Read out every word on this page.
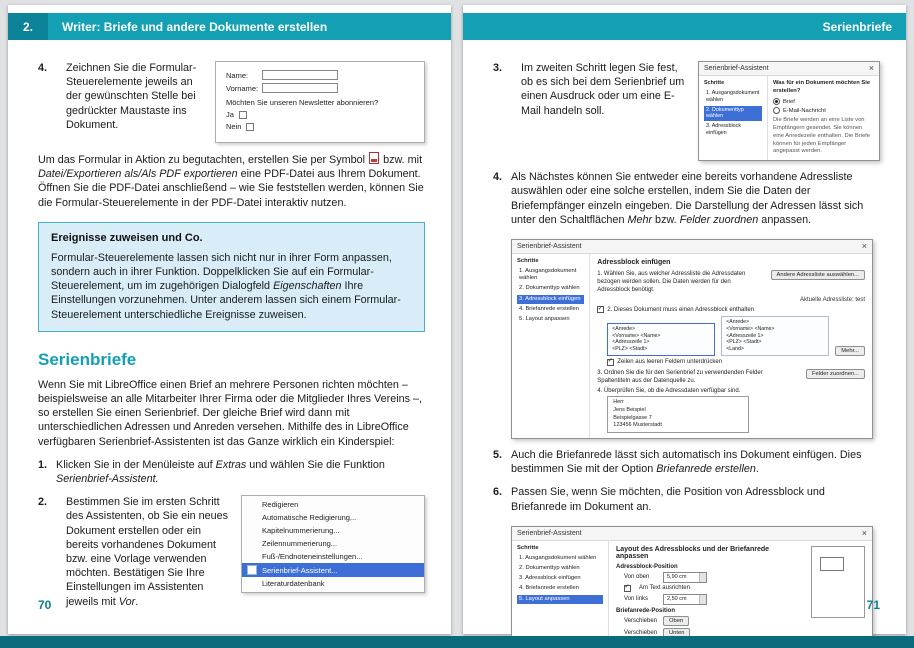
2. Writer: Briefe und andere Dokumente erstellen
4.	Zeichnen Sie die Formular-Steuerelemente jeweils an der gewünschten Stelle bei gedrückter Maustaste ins Dokument.
Name:
Vorname:
Möchten Sie unseren Newsletter abonnieren?
Ja
Nein

Um das Formular in Aktion zu begutachten, erstellen Sie per Symbol  bzw. mit Datei/Exportieren als/Als PDF exportieren eine PDF-Datei aus Ihrem Dokument. Öffnen Sie die PDF-Datei anschließend – wie Sie feststellen werden, können Sie die Formular-Steuerelemente in der PDF-Datei interaktiv nutzen.

Ereignisse zuweisen und Co.
Formular-Steuerelemente lassen sich nicht nur in ihrer Form anpassen, sondern auch in ihrer Funktion. Doppelklicken Sie auf ein Formular-Steuerelement, um im zugehörigen Dialogfeld Eigenschaften Ihre Einstellungen vorzunehmen. Unter anderem lassen sich einem Formular-Steuerelement unterschiedliche Ereignisse zuweisen.
Serienbriefe

Wenn Sie mit LibreOffice einen Brief an mehrere Personen richten möchten – beispielsweise an alle Mitarbeiter Ihrer Firma oder die Mitglieder Ihres Vereins –, so erstellen Sie einen Serienbrief. Der gleiche Brief wird dann mit unterschiedlichen Adressen und Anreden versehen. Mithilfe des in LibreOffice verfügbaren Serienbrief-Assistenten ist das Ganze wirklich ein Kinderspiel:

1. Klicken Sie in der Menüleiste auf Extras und wählen Sie die Funktion Serienbrief-Assistent.
2.	Bestimmen Sie im ersten Schritt des Assistenten, ob Sie ein neues Dokument erstellen oder ein bereits vorhandenes Dokument bzw. eine Vorlage verwenden möchten. Bestätigen Sie Ihre Einstellungen im Assistenten jeweils mit Vor.
Redigieren
Automatische Redigierung...
Kapitelnummerierung...
Zeilennummerierung...
Fuß-/Endnoteneinstellungen...
Serienbrief-Assistent...
Literaturdatenbank
70
Serienbriefe
3.	Im zweiten Schritt legen Sie fest, ob es sich bei dem Serienbrief um einen Ausdruck oder um eine E-Mail handeln soll.
Serienbrief-Assistent	×
Schritte
1. Ausgangsdokument wählen
2. Dokumenttyp wählen
3. Adressblock einfügen
Was für ein Dokument möchten Sie erstellen?
Brief
E-Mail-Nachricht
Die Briefe werden an eine Liste von Empfängern gesendet. Sie können eine Anredezeile enthalten. Die Briefe können für jeden Empfänger angepasst werden.
4. Als Nächstes können Sie entweder eine bereits vorhandene Adressliste auswählen oder eine solche erstellen, indem Sie die Daten der Briefempfänger einzeln eingeben. Die Darstellung der Adressen lässt sich unter den Schaltflächen Mehr bzw. Felder zuordnen anpassen.
Serienbrief-Assistent	×
Schritte
1. Ausgangsdokument wählen
2. Dokumenttyp wählen
3. Adressblock einfügen
4. Briefanrede erstellen
5. Layout anpassen
Adressblock einfügen
1. Wählen Sie, aus welcher Adressliste die Adressdaten bezogen werden sollen. Die Daten werden für den Adressblock benötigt.
Andere Adressliste auswählen...
Aktuelle Adressliste: test
✓
2. Dieses Dokument muss einen Adressblock enthalten
<Anrede>
<Vorname> <Name>
<Adresszeile 1>
<PLZ> <Stadt>
<Anrede>
<Vorname> <Name>
<Adresszeile 1>
<PLZ> <Stadt>
<Land>	Mehr...
✓
Zeilen aus leeren Feldern unterdrücken
3. Ordnen Sie die für den Serienbrief zu verwendenden Felder Spaltentiteln aus der Datenquelle zu.
Felder zuordnen...
4. Überprüfen Sie, ob die Adressdaten verfügbar sind.
Herr
Jens Beispiel
Beispielgasse 7
123456 Musterstadt
5. Auch die Briefanrede lässt sich automatisch ins Dokument einfügen. Dies bestimmen Sie mit der Option Briefanrede erstellen.
6. Passen Sie, wenn Sie möchten, die Position von Adressblock und Briefanrede im Dokument an.
Serienbrief-Assistent	×
Schritte
1. Ausgangsdokument wählen
2. Dokumenttyp wählen
3. Adressblock einfügen
4. Briefanrede erstellen
5. Layout anpassen
Layout des Adressblocks und der Briefanrede anpassen
Adressblock-Position
Von oben	5,90 cm
✓
Am Text ausrichten
Von links	2,50 cm
Briefanrede-Position
Verschieben	Oben
Verschieben	Unten
71
